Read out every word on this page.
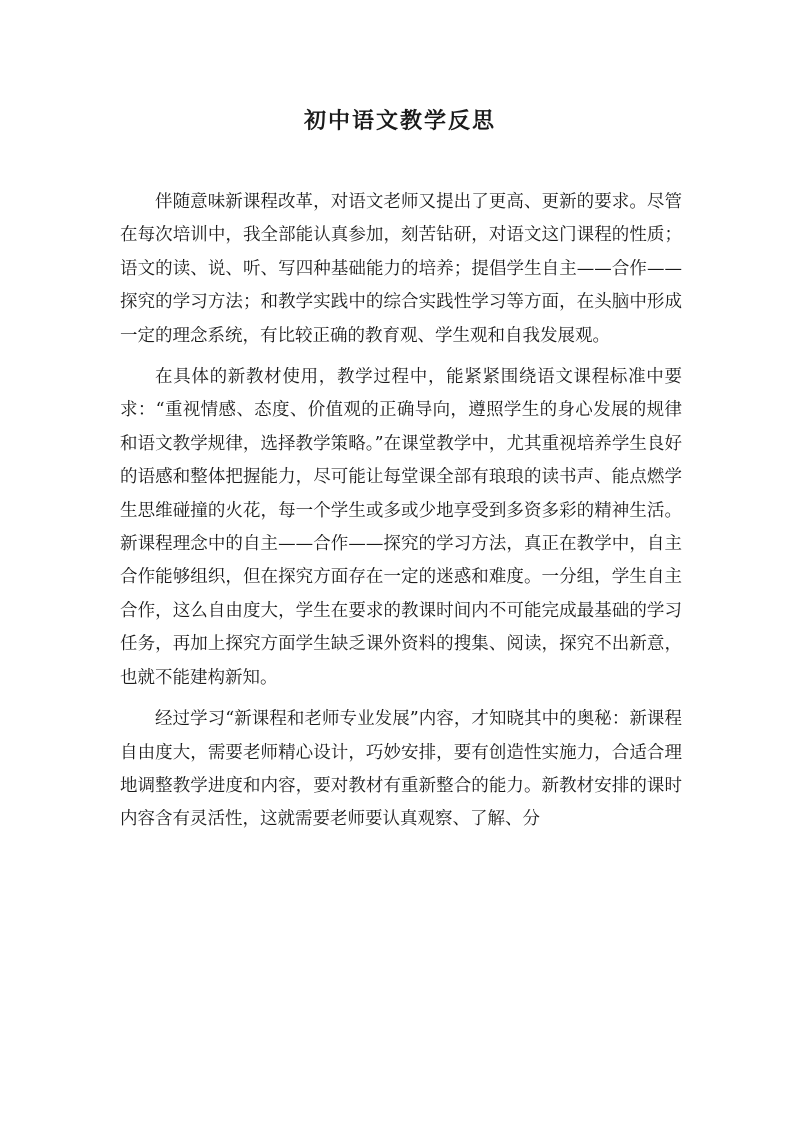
初中语文教学反思

伴随意味新课程改革，对语文老师又提出了更高、更新的要求。尽管在每次培训中，我全部能认真参加，刻苦钻研，对语文这门课程的性质；语文的读、说、听、写四种基础能力的培养；提倡学生自主——合作——探究的学习方法；和教学实践中的综合实践性学习等方面，在头脑中形成一定的理念系统，有比较正确的教育观、学生观和自我发展观。

在具体的新教材使用，教学过程中，能紧紧围绕语文课程标准中要求：“重视情感、态度、价值观的正确导向，遵照学生的身心发展的规律和语文教学规律，选择教学策略。”在课堂教学中，尤其重视培养学生良好的语感和整体把握能力，尽可能让每堂课全部有琅琅的读书声、能点燃学生思维碰撞的火花，每一个学生或多或少地享受到多资多彩的精神生活。新课程理念中的自主——合作——探究的学习方法，真正在教学中，自主合作能够组织，但在探究方面存在一定的迷惑和难度。一分组，学生自主合作，这么自由度大，学生在要求的教课时间内不可能完成最基础的学习任务，再加上探究方面学生缺乏课外资料的搜集、阅读，探究不出新意，也就不能建构新知。

经过学习“新课程和老师专业发展”内容，才知晓其中的奥秘：新课程自由度大，需要老师精心设计，巧妙安排，要有创造性实施力，合适合理地调整教学进度和内容，要对教材有重新整合的能力。新教材安排的课时内容含有灵活性，这就需要老师要认真观察、了解、分
